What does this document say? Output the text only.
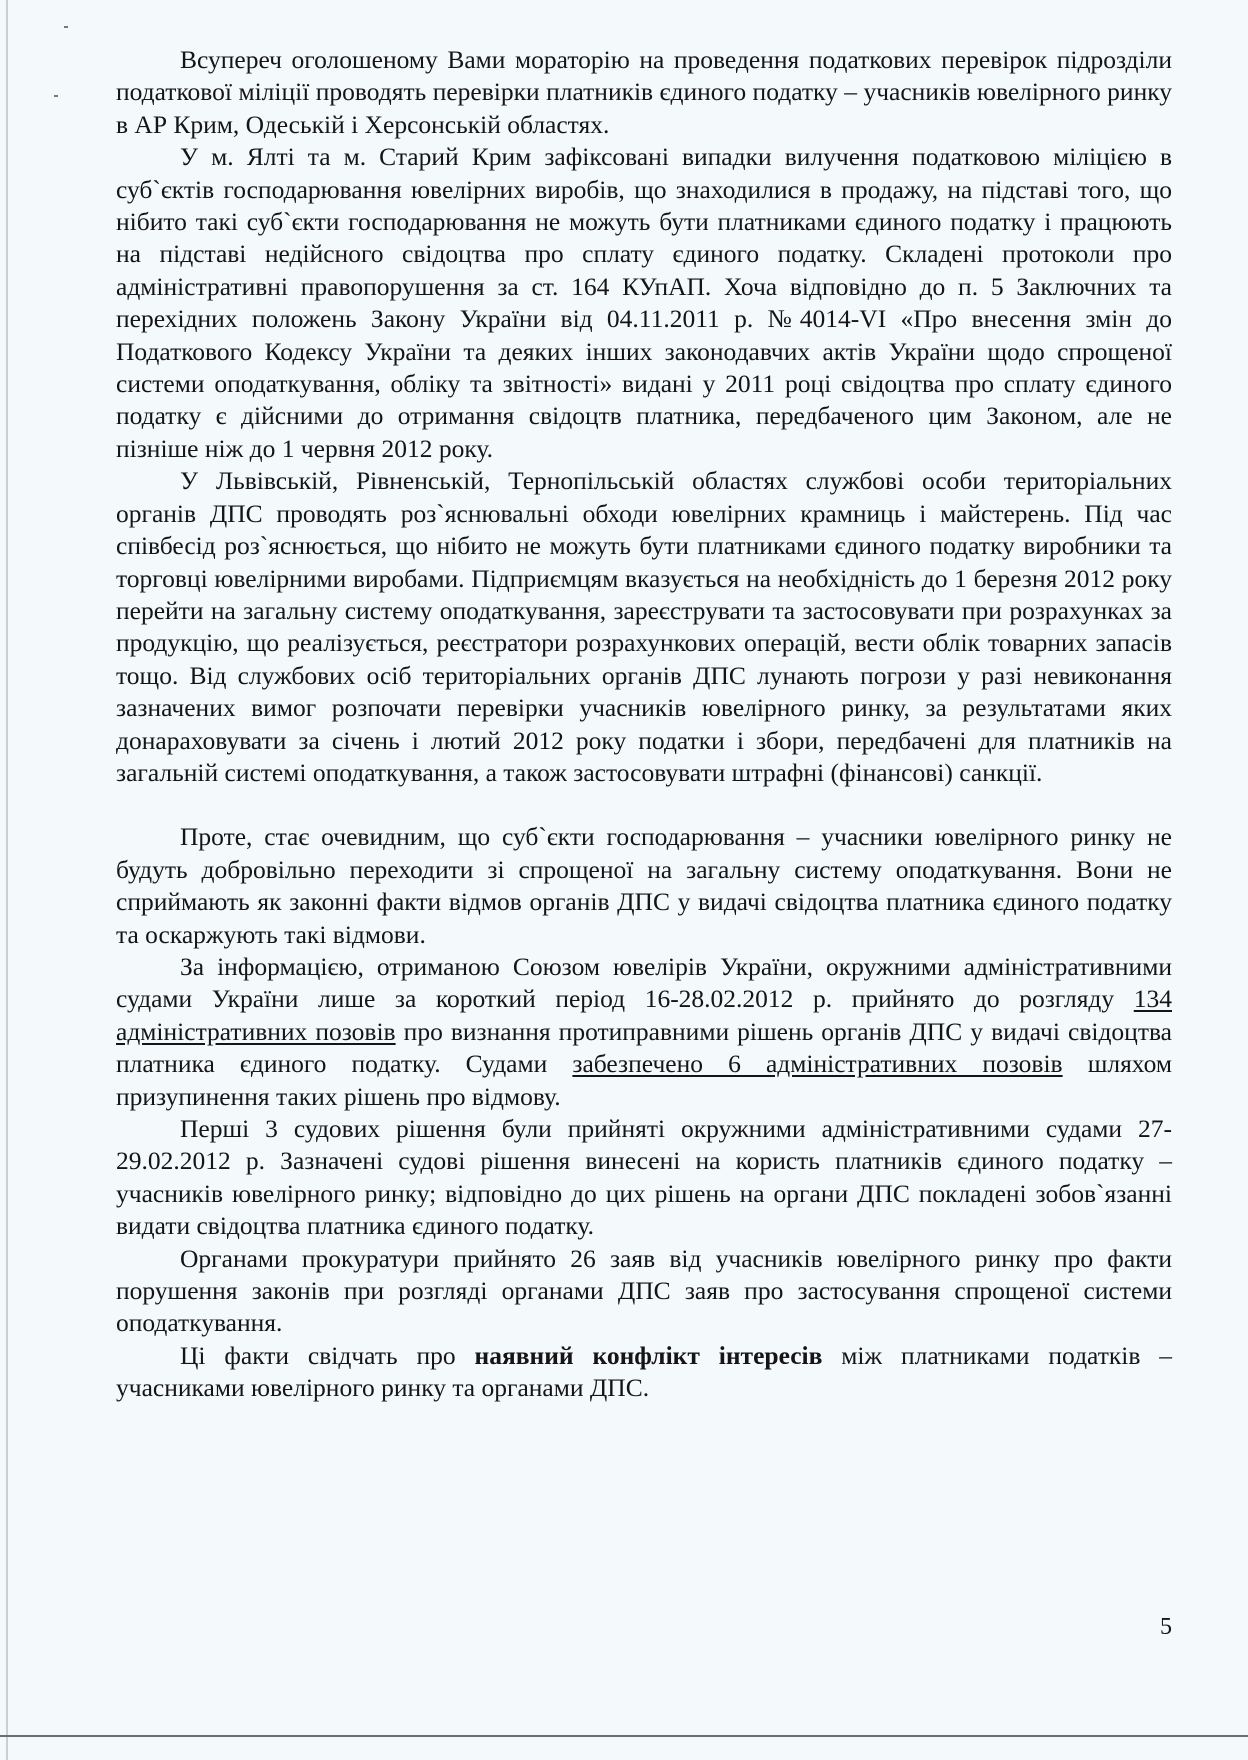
Всупереч оголошеному Вами мораторію на проведення податкових перевірок підрозділи податкової міліції проводять перевірки платників єдиного податку – учасників ювелірного ринку в АР Крим, Одеській і Херсонській областях.

У м. Ялті та м. Старий Крим зафіксовані випадки вилучення податковою міліцією в суб`єктів господарювання ювелірних виробів, що знаходилися в продажу, на підставі того, що нібито такі суб`єкти господарювання не можуть бути платниками єдиного податку і працюють на підставі недійсного свідоцтва про сплату єдиного податку. Складені протоколи про адміністративні правопорушення за ст. 164 КУпАП. Хоча відповідно до п. 5 Заключних та перехідних положень Закону України від 04.11.2011 р. №4014-VI «Про внесення змін до Податкового Кодексу України та деяких інших законодавчих актів України щодо спрощеної системи оподаткування, обліку та звітності» видані у 2011 році свідоцтва про сплату єдиного податку є дійсними до отримання свідоцтв платника, передбаченого цим Законом, але не пізніше ніж до 1 червня 2012 року.

У Львівській, Рівненській, Тернопільській областях службові особи територіальних органів ДПС проводять роз`яснювальні обходи ювелірних крамниць і майстерень. Під час співбесід роз`яснюється, що нібито не можуть бути платниками єдиного податку виробники та торговці ювелірними виробами. Підприємцям вказується на необхідність до 1 березня 2012 року перейти на загальну систему оподаткування, зареєструвати та застосовувати при розрахунках за продукцію, що реалізується, реєстратори розрахункових операцій, вести облік товарних запасів тощо. Від службових осіб територіальних органів ДПС лунають погрози у разі невиконання зазначених вимог розпочати перевірки учасників ювелірного ринку, за результатами яких донараховувати за січень і лютий 2012 року податки і збори, передбачені для платників на загальній системі оподаткування, а також застосовувати штрафні (фінансові) санкції.

Проте, стає очевидним, що суб`єкти господарювання – учасники ювелірного ринку не будуть добровільно переходити зі спрощеної на загальну систему оподаткування. Вони не сприймають як законні факти відмов органів ДПС у видачі свідоцтва платника єдиного податку та оскаржують такі відмови.

За інформацією, отриманою Союзом ювелірів України, окружними адміністративними судами України лише за короткий період 16-28.02.2012 р. прийнято до розгляду 134 адміністративних позовів про визнання протиправними рішень органів ДПС у видачі свідоцтва платника єдиного податку. Судами забезпечено 6 адміністративних позовів шляхом призупинення таких рішень про відмову.

Перші 3 судових рішення були прийняті окружними адміністративними судами 27-29.02.2012 р. Зазначені судові рішення винесені на користь платників єдиного податку – учасників ювелірного ринку; відповідно до цих рішень на органи ДПС покладені зобов`язанні видати свідоцтва платника єдиного податку.

Органами прокуратури прийнято 26 заяв від учасників ювелірного ринку про факти порушення законів при розгляді органами ДПС заяв про застосування спрощеної системи оподаткування.

Ці факти свідчать про наявний конфлікт інтересів між платниками податків – учасниками ювелірного ринку та органами ДПС.

5
